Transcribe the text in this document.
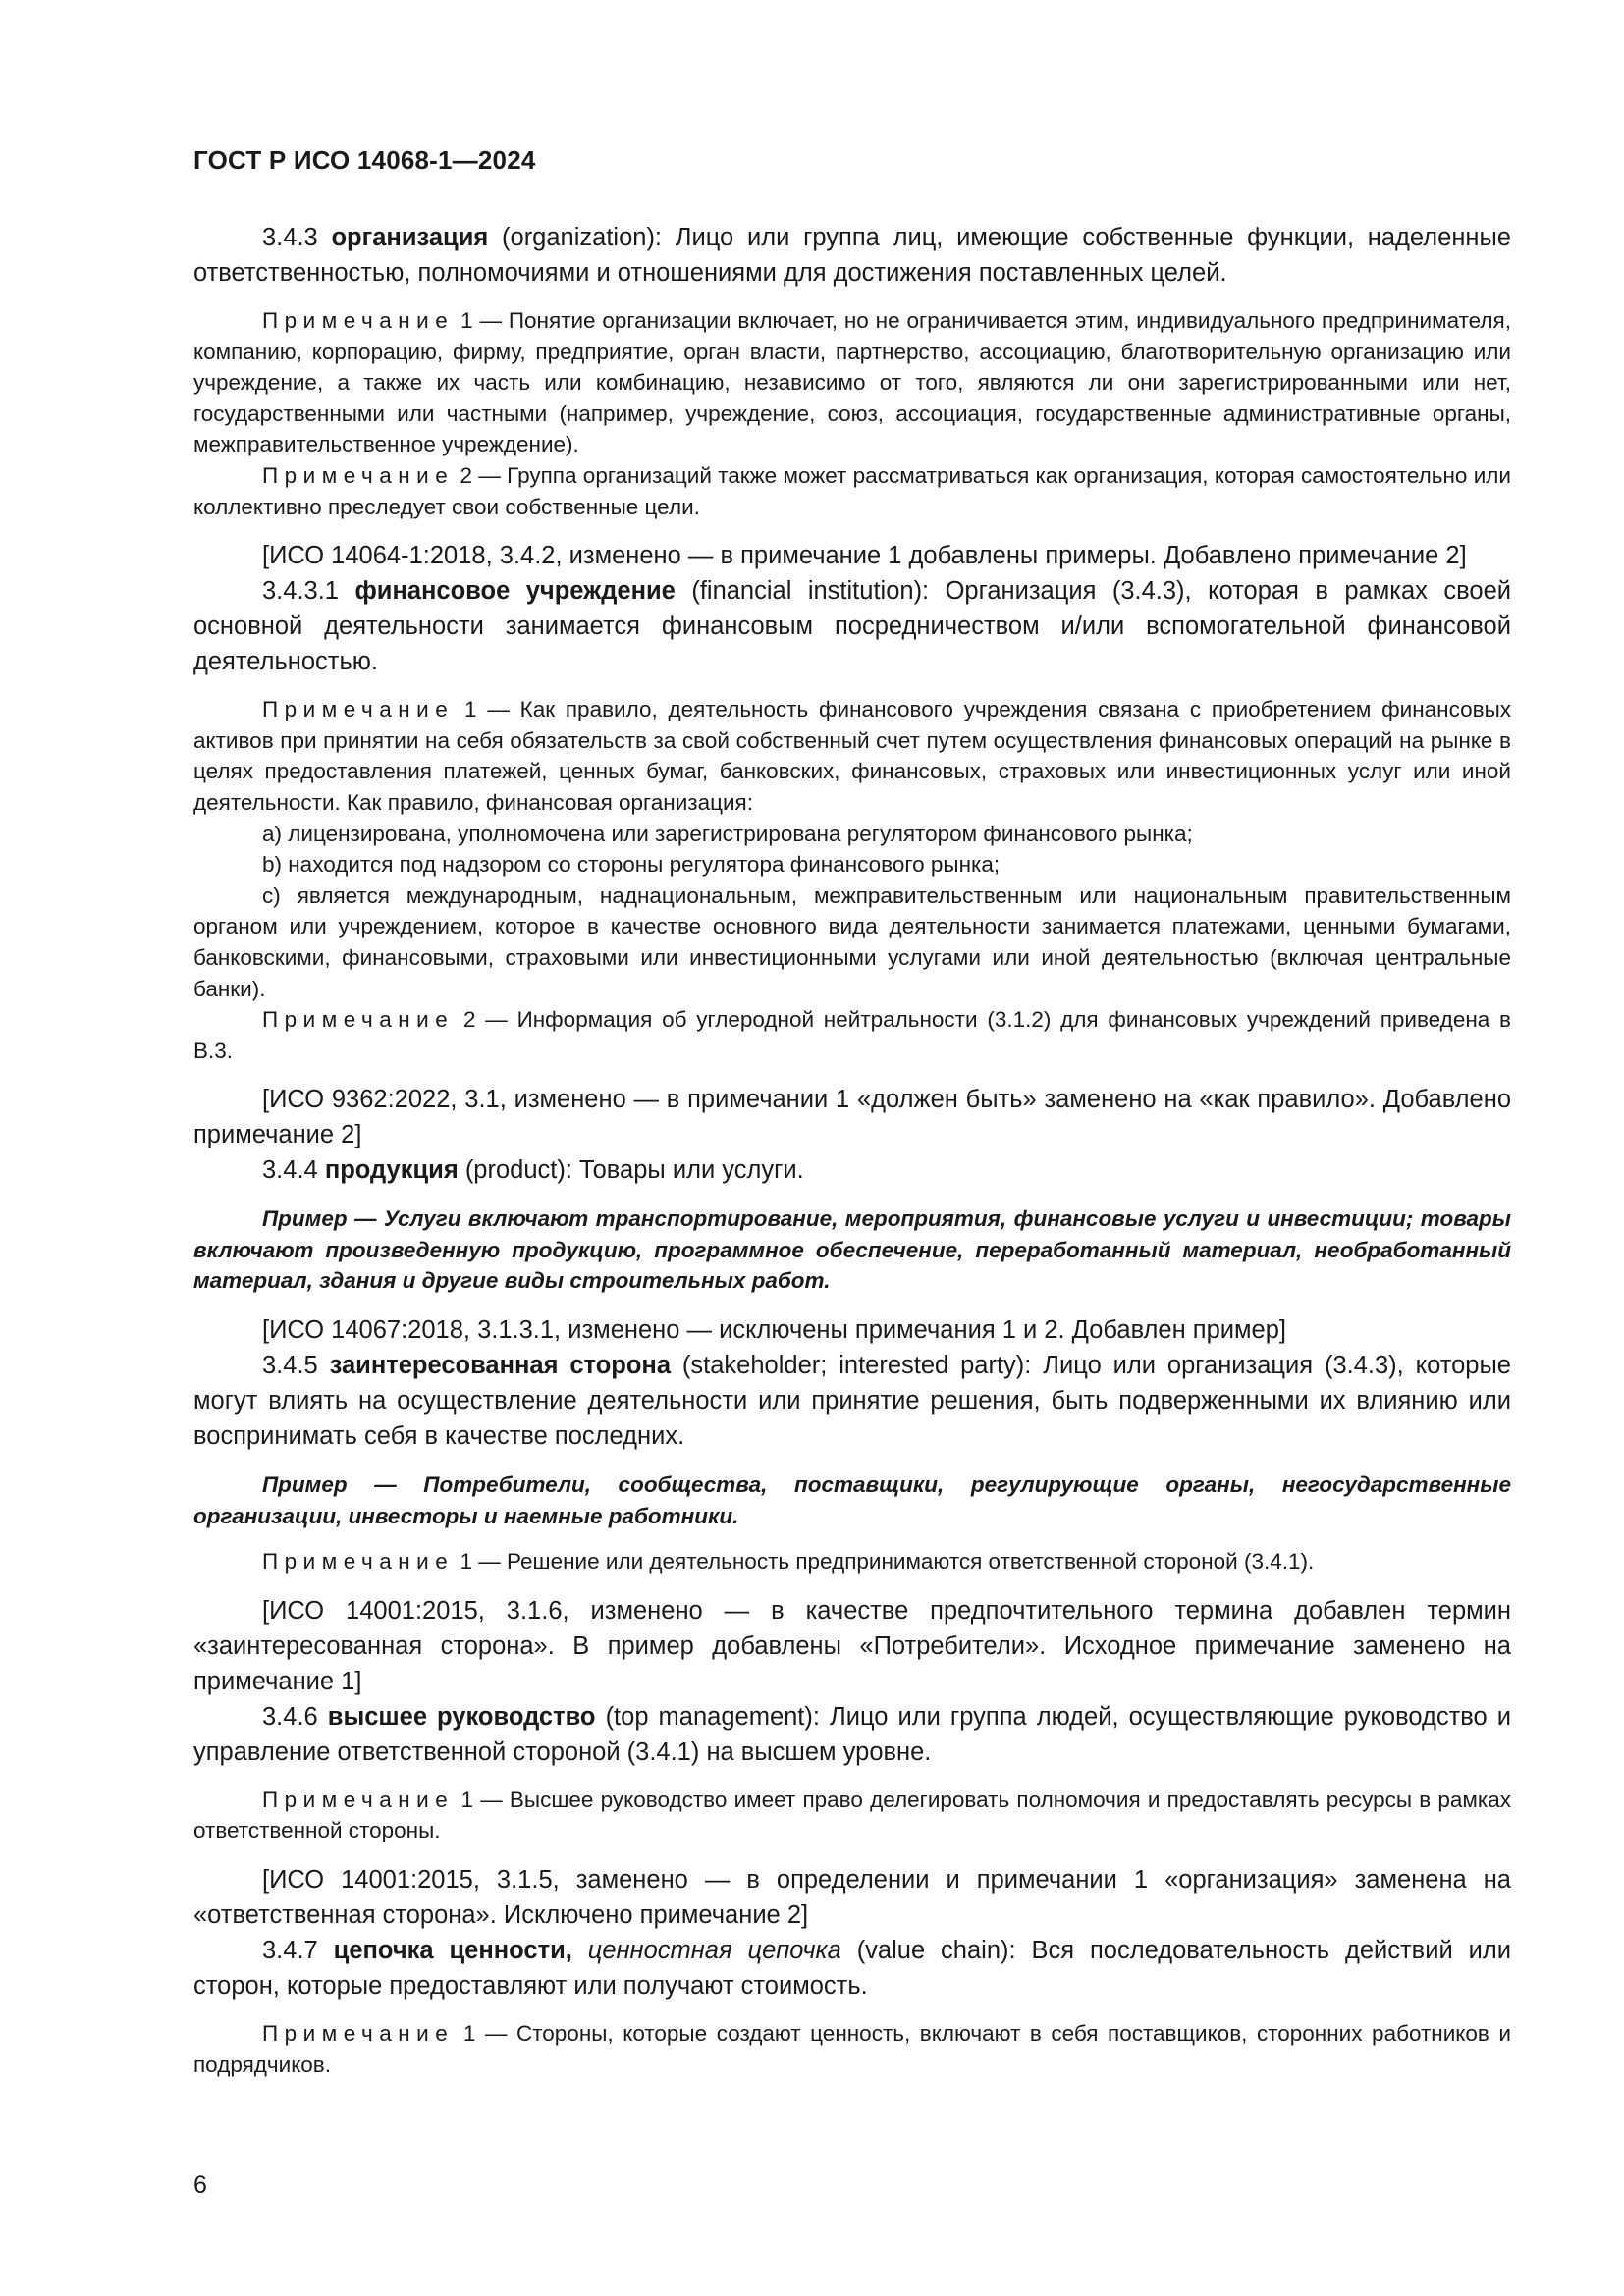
ГОСТ Р ИСО 14068-1—2024

3.4.3 организация (organization): Лицо или группа лиц, имеющие собственные функции, наделенные ответственностью, полномочиями и отношениями для достижения поставленных целей.

Примечание 1 — Понятие организации включает, но не ограничивается этим, индивидуального предпринимателя, компанию, корпорацию, фирму, предприятие, орган власти, партнерство, ассоциацию, благотворительную организацию или учреждение, а также их часть или комбинацию, независимо от того, являются ли они зарегистрированными или нет, государственными или частными (например, учреждение, союз, ассоциация, государственные административные органы, межправительственное учреждение).

Примечание 2 — Группа организаций также может рассматриваться как организация, которая самостоятельно или коллективно преследует свои собственные цели.

[ИСО 14064-1:2018, 3.4.2, изменено — в примечание 1 добавлены примеры. Добавлено примечание 2]

3.4.3.1 финансовое учреждение (financial institution): Организация (3.4.3), которая в рамках своей основной деятельности занимается финансовым посредничеством и/или вспомогательной финансовой деятельностью.

Примечание 1 — Как правило, деятельность финансового учреждения связана с приобретением финансовых активов при принятии на себя обязательств за свой собственный счет путем осуществления финансовых операций на рынке в целях предоставления платежей, ценных бумаг, банковских, финансовых, страховых или инвестиционных услуг или иной деятельности. Как правило, финансовая организация:

a) лицензирована, уполномочена или зарегистрирована регулятором финансового рынка;

b) находится под надзором со стороны регулятора финансового рынка;

c) является международным, наднациональным, межправительственным или национальным правительственным органом или учреждением, которое в качестве основного вида деятельности занимается платежами, ценными бумагами, банковскими, финансовыми, страховыми или инвестиционными услугами или иной деятельностью (включая центральные банки).

Примечание 2 — Информация об углеродной нейтральности (3.1.2) для финансовых учреждений приведена в B.3.

[ИСО 9362:2022, 3.1, изменено — в примечании 1 «должен быть» заменено на «как правило». Добавлено примечание 2]

3.4.4 продукция (product): Товары или услуги.

Пример — Услуги включают транспортирование, мероприятия, финансовые услуги и инвестиции; товары включают произведенную продукцию, программное обеспечение, переработанный материал, необработанный материал, здания и другие виды строительных работ.

[ИСО 14067:2018, 3.1.3.1, изменено — исключены примечания 1 и 2. Добавлен пример]

3.4.5 заинтересованная сторона (stakeholder; interested party): Лицо или организация (3.4.3), которые могут влиять на осуществление деятельности или принятие решения, быть подверженными их влиянию или воспринимать себя в качестве последних.

Пример — Потребители, сообщества, поставщики, регулирующие органы, негосударственные организации, инвесторы и наемные работники.

Примечание 1 — Решение или деятельность предпринимаются ответственной стороной (3.4.1).

[ИСО 14001:2015, 3.1.6, изменено — в качестве предпочтительного термина добавлен термин «заинтересованная сторона». В пример добавлены «Потребители». Исходное примечание заменено на примечание 1]

3.4.6 высшее руководство (top management): Лицо или группа людей, осуществляющие руководство и управление ответственной стороной (3.4.1) на высшем уровне.

Примечание 1 — Высшее руководство имеет право делегировать полномочия и предоставлять ресурсы в рамках ответственной стороны.

[ИСО 14001:2015, 3.1.5, заменено — в определении и примечании 1 «организация» заменена на «ответственная сторона». Исключено примечание 2]

3.4.7 цепочка ценности, ценностная цепочка (value chain): Вся последовательность действий или сторон, которые предоставляют или получают стоимость.

Примечание 1 — Стороны, которые создают ценность, включают в себя поставщиков, сторонних работников и подрядчиков.

6
